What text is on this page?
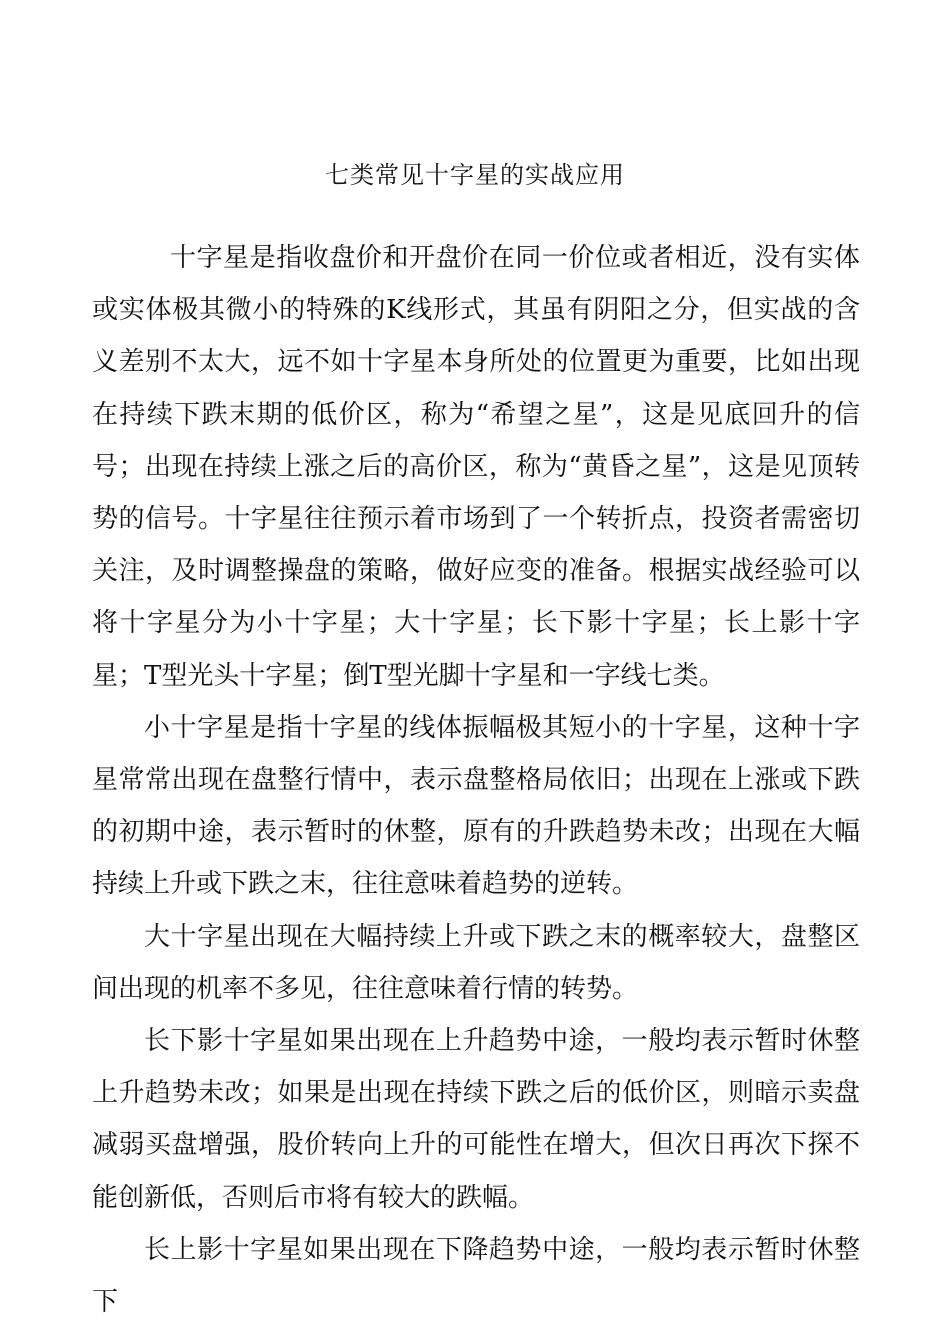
七类常见十字星的实战应用

十字星是指收盘价和开盘价在同一价位或者相近，没有实体或实体极其微小的特殊的K线形式，其虽有阴阳之分，但实战的含义差别不太大，远不如十字星本身所处的位置更为重要，比如出现在持续下跌末期的低价区，称为“希望之星”，这是见底回升的信号；出现在持续上涨之后的高价区，称为“黄昏之星”，这是见顶转势的信号。十字星往往预示着市场到了一个转折点，投资者需密切关注，及时调整操盘的策略，做好应变的准备。根据实战经验可以将十字星分为小十字星；大十字星；长下影十字星；长上影十字星；T型光头十字星；倒T型光脚十字星和一字线七类。

小十字星是指十字星的线体振幅极其短小的十字星，这种十字星常常出现在盘整行情中，表示盘整格局依旧；出现在上涨或下跌的初期中途，表示暂时的休整，原有的升跌趋势未改；出现在大幅持续上升或下跌之末，往往意味着趋势的逆转。

大十字星出现在大幅持续上升或下跌之末的概率较大，盘整区间出现的机率不多见，往往意味着行情的转势。

长下影十字星如果出现在上升趋势中途，一般均表示暂时休整上升趋势未改；如果是出现在持续下跌之后的低价区，则暗示卖盘减弱买盘增强，股价转向上升的可能性在增大，但次日再次下探不能创新低，否则后市将有较大的跌幅。

长上影十字星如果出现在下降趋势中途，一般均表示暂时休整下
